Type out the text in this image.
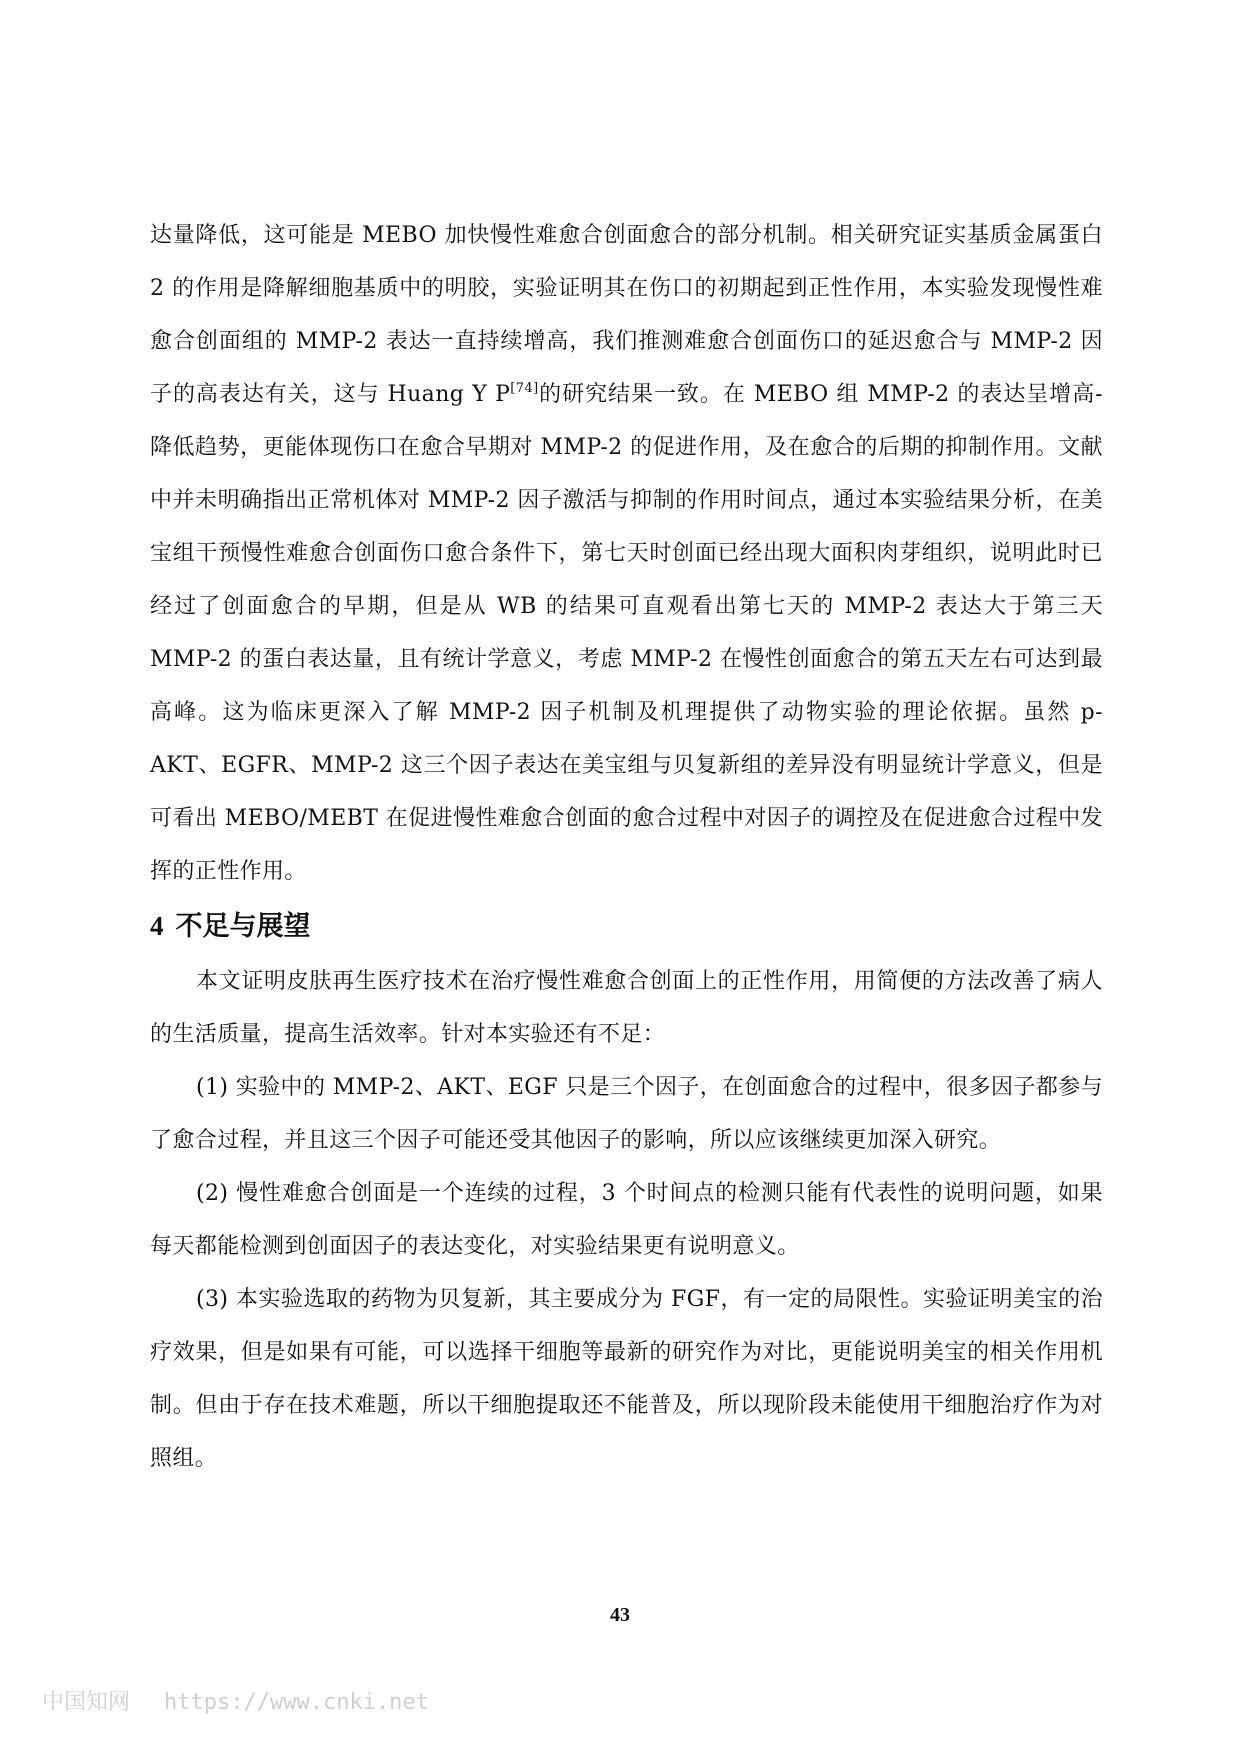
达量降低，这可能是 MEBO 加快慢性难愈合创面愈合的部分机制。相关研究证实基质金属蛋白 2 的作用是降解细胞基质中的明胶，实验证明其在伤口的初期起到正性作用，本实验发现慢性难愈合创面组的 MMP-2 表达一直持续增高，我们推测难愈合创面伤口的延迟愈合与 MMP-2 因子的高表达有关，这与 Huang Y P[74]的研究结果一致。在 MEBO 组 MMP-2 的表达呈增高-降低趋势，更能体现伤口在愈合早期对 MMP-2 的促进作用，及在愈合的后期的抑制作用。文献中并未明确指出正常机体对 MMP-2 因子激活与抑制的作用时间点，通过本实验结果分析，在美宝组干预慢性难愈合创面伤口愈合条件下，第七天时创面已经出现大面积肉芽组织，说明此时已经过了创面愈合的早期，但是从 WB 的结果可直观看出第七天的 MMP-2 表达大于第三天 MMP-2 的蛋白表达量，且有统计学意义，考虑 MMP-2 在慢性创面愈合的第五天左右可达到最高峰。这为临床更深入了解 MMP-2 因子机制及机理提供了动物实验的理论依据。虽然 p-AKT、EGFR、MMP-2 这三个因子表达在美宝组与贝复新组的差异没有明显统计学意义，但是可看出 MEBO/MEBT 在促进慢性难愈合创面的愈合过程中对因子的调控及在促进愈合过程中发挥的正性作用。

4 不足与展望

本文证明皮肤再生医疗技术在治疗慢性难愈合创面上的正性作用，用简便的方法改善了病人的生活质量，提高生活效率。针对本实验还有不足：

(1) 实验中的 MMP-2、AKT、EGF 只是三个因子，在创面愈合的过程中，很多因子都参与了愈合过程，并且这三个因子可能还受其他因子的影响，所以应该继续更加深入研究。

(2) 慢性难愈合创面是一个连续的过程，3 个时间点的检测只能有代表性的说明问题，如果每天都能检测到创面因子的表达变化，对实验结果更有说明意义。

(3) 本实验选取的药物为贝复新，其主要成分为 FGF，有一定的局限性。实验证明美宝的治疗效果，但是如果有可能，可以选择干细胞等最新的研究作为对比，更能说明美宝的相关作用机制。但由于存在技术难题，所以干细胞提取还不能普及，所以现阶段未能使用干细胞治疗作为对照组。

43
中国知网 https://www.cnki.net
